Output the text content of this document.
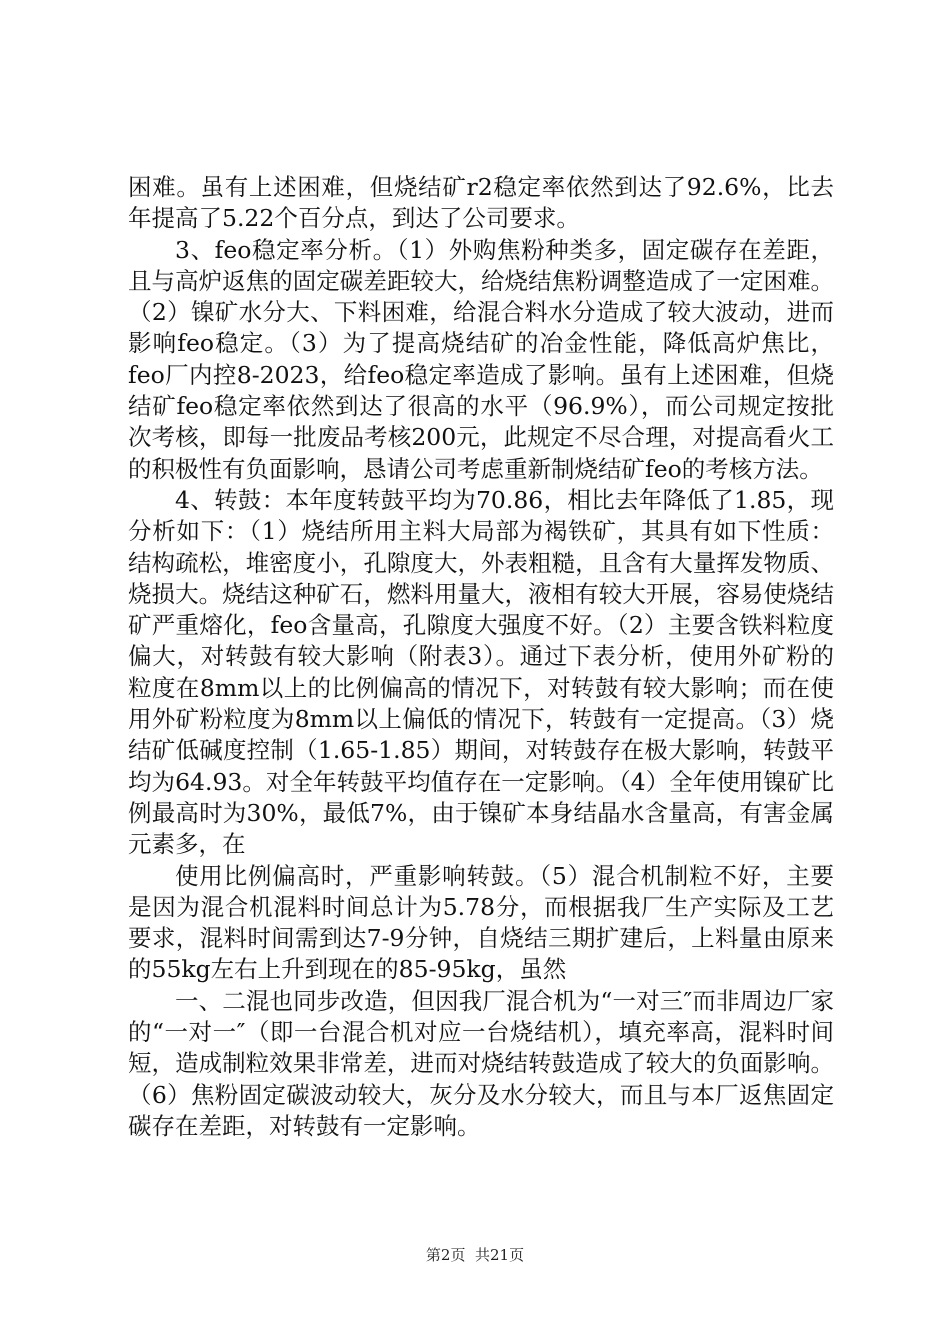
困难。虽有上述困难，但烧结矿r2稳定率依然到达了92.6%，比去年提高了5.22个百分点，到达了公司要求。

3、feo稳定率分析。（1）外购焦粉种类多，固定碳存在差距，且与高炉返焦的固定碳差距较大，给烧结焦粉调整造成了一定困难。（2）镍矿水分大、下料困难，给混合料水分造成了较大波动，进而影响feo稳定。（3）为了提高烧结矿的冶金性能，降低高炉焦比，feo厂内控8-2023，给feo稳定率造成了影响。虽有上述困难，但烧结矿feo稳定率依然到达了很高的水平（96.9%），而公司规定按批次考核，即每一批废品考核200元，此规定不尽合理，对提高看火工的积极性有负面影响，恳请公司考虑重新制烧结矿feo的考核方法。

4、转鼓：本年度转鼓平均为70.86，相比去年降低了1.85，现分析如下：（1）烧结所用主料大局部为褐铁矿，其具有如下性质：结构疏松，堆密度小，孔隙度大，外表粗糙，且含有大量挥发物质、烧损大。烧结这种矿石，燃料用量大，液相有较大开展，容易使烧结矿严重熔化，feo含量高，孔隙度大强度不好。（2）主要含铁料粒度偏大，对转鼓有较大影响（附表3）。通过下表分析，使用外矿粉的粒度在8mm以上的比例偏高的情况下，对转鼓有较大影响；而在使用外矿粉粒度为8mm以上偏低的情况下，转鼓有一定提高。（3）烧结矿低碱度控制（1.65-1.85）期间，对转鼓存在极大影响，转鼓平均为64.93。对全年转鼓平均值存在一定影响。（4）全年使用镍矿比例最高时为30%，最低7%，由于镍矿本身结晶水含量高，有害金属元素多，在

使用比例偏高时，严重影响转鼓。（5）混合机制粒不好，主要是因为混合机混料时间总计为5.78分，而根据我厂生产实际及工艺要求，混料时间需到达7-9分钟，自烧结三期扩建后，上料量由原来的55kg左右上升到现在的85-95kg，虽然

一、二混也同步改造，但因我厂混合机为“一对三″而非周边厂家的“一对一″（即一台混合机对应一台烧结机），填充率高，混料时间短，造成制粒效果非常差，进而对烧结转鼓造成了较大的负面影响。（6）焦粉固定碳波动较大，灰分及水分较大，而且与本厂返焦固定碳存在差距，对转鼓有一定影响。

第2页  共21页
